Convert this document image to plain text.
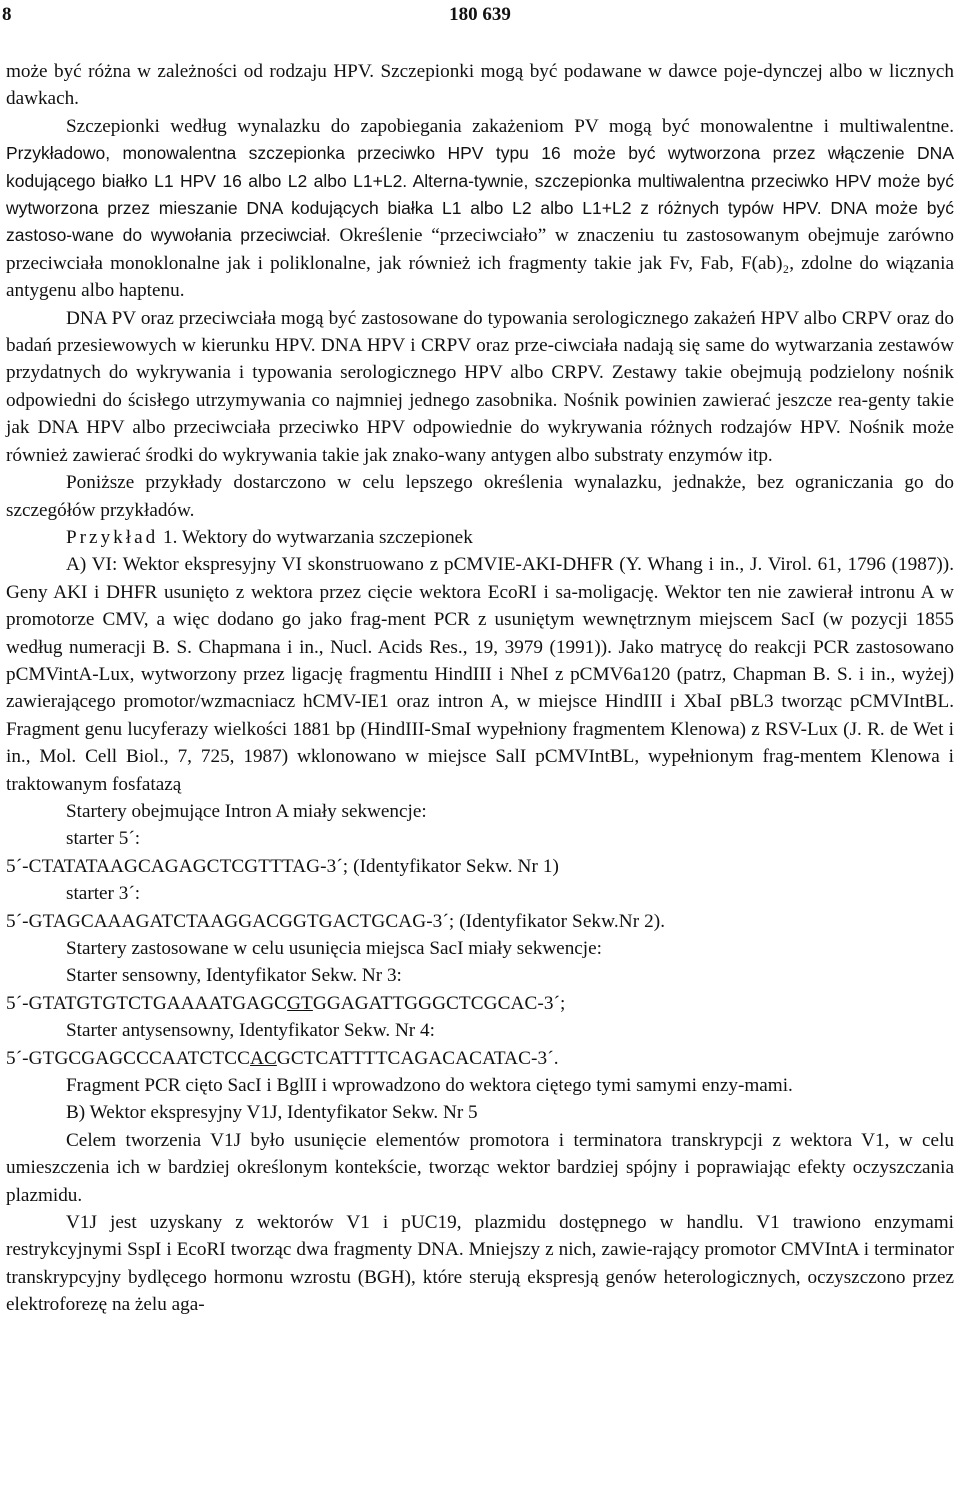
8	180 639

może być różna w zależności od rodzaju HPV. Szczepionki mogą być podawane w dawce poje-dynczej albo w licznych dawkach.

Szczepionki według wynalazku do zapobiegania zakażeniom PV mogą być monowalentne i multiwalentne. Przykładowo, monowalentna szczepionka przeciwko HPV typu 16 może być wytworzona przez włączenie DNA kodującego białko L1 HPV 16 albo L2 albo L1+L2. Alterna-tywnie, szczepionka multiwalentna przeciwko HPV może być wytworzona przez mieszanie DNA kodujących białka L1 albo L2 albo L1+L2 z różnych typów HPV. DNA może być zastoso-wane do wywołania przeciwciał. Określenie “przeciwciało” w znaczeniu tu zastosowanym obejmuje zarówno przeciwciała monoklonalne jak i poliklonalne, jak również ich fragmenty takie jak Fv, Fab, F(ab)₂, zdolne do wiązania antygenu albo haptenu.

DNA PV oraz przeciwciała mogą być zastosowane do typowania serologicznego zakażeń HPV albo CRPV oraz do badań przesiewowych w kierunku HPV. DNA HPV i CRPV oraz prze-ciwciała nadają się same do wytwarzania zestawów przydatnych do wykrywania i typowania serologicznego HPV albo CRPV. Zestawy takie obejmują podzielony nośnik odpowiedni do ścisłego utrzymywania co najmniej jednego zasobnika. Nośnik powinien zawierać jeszcze rea-genty takie jak DNA HPV albo przeciwciała przeciwko HPV odpowiednie do wykrywania różnych rodzajów HPV. Nośnik może również zawierać środki do wykrywania takie jak znako-wany antygen albo substraty enzymów itp.

Poniższe przykłady dostarczono w celu lepszego określenia wynalazku, jednakże, bez ograniczania go do szczegółów przykładów.

Przykład 1. Wektory do wytwarzania szczepionek

A) VI: Wektor ekspresyjny VI skonstruowano z pCMVIE-AKI-DHFR (Y. Whang i in., J. Virol. 61, 1796 (1987)). Geny AKI i DHFR usunięto z wektora przez cięcie wektora EcoRI i sa-moligację. Wektor ten nie zawierał intronu A w promotorze CMV, a więc dodano go jako frag-ment PCR z usuniętym wewnętrznym miejscem SacI (w pozycji 1855 według numeracji B. S. Chapmana i in., Nucl. Acids Res., 19, 3979 (1991)). Jako matrycę do reakcji PCR zastosowano pCMVintA-Lux, wytworzony przez ligację fragmentu HindIII i NheI z pCMV6a120 (patrz, Chapman B. S. i in., wyżej) zawierającego promotor/wzmacniacz hCMV-IE1 oraz intron A, w miejsce HindIII i XbaI pBL3 tworząc pCMVIntBL. Fragment genu lucyferazy wielkości 1881 bp (HindIII-SmaI wypełniony fragmentem Klenowa) z RSV-Lux (J. R. de Wet i in., Mol. Cell Biol., 7, 725, 1987) wklonowano w miejsce SalI pCMVIntBL, wypełnionym frag-mentem Klenowa i traktowanym fosfatazą

Startery obejmujące Intron A miały sekwencje:

starter 5´:

5´-CTATATAAGCAGAGCTCGTTTAG-3´; (Identyfikator Sekw. Nr 1)

starter 3´:

5´-GTAGCAAAGATCTAAGGACGGTGACTGCAG-3´; (Identyfikator Sekw.Nr 2).

Startery zastosowane w celu usunięcia miejsca SacI miały sekwencje:

Starter sensowny, Identyfikator Sekw. Nr 3:

5´-GTATGTGTCTGAAAATGAGCGTGGAGATTGGGCTCGCAC-3´;

Starter antysensowny, Identyfikator Sekw. Nr 4:

5´-GTGCGAGCCCAATCTCCACGCTCATTTTCAGACACATAC-3´.

Fragment PCR cięto SacI i BglII i wprowadzono do wektora ciętego tymi samymi enzy-mami.

B) Wektor ekspresyjny V1J, Identyfikator Sekw. Nr 5

Celem tworzenia V1J było usunięcie elementów promotora i terminatora transkrypcji z wektora V1, w celu umieszczenia ich w bardziej określonym kontekście, tworząc wektor bardziej spójny i poprawiając efekty oczyszczania plazmidu.

V1J jest uzyskany z wektorów V1 i pUC19, plazmidu dostępnego w handlu. V1 trawiono enzymami restrykcyjnymi SspI i EcoRI tworząc dwa fragmenty DNA. Mniejszy z nich, zawie-rający promotor CMVIntA i terminator transkrypcyjny bydlęcego hormonu wzrostu (BGH), które sterują ekspresją genów heterologicznych, oczyszczono przez elektroforezę na żelu aga-
